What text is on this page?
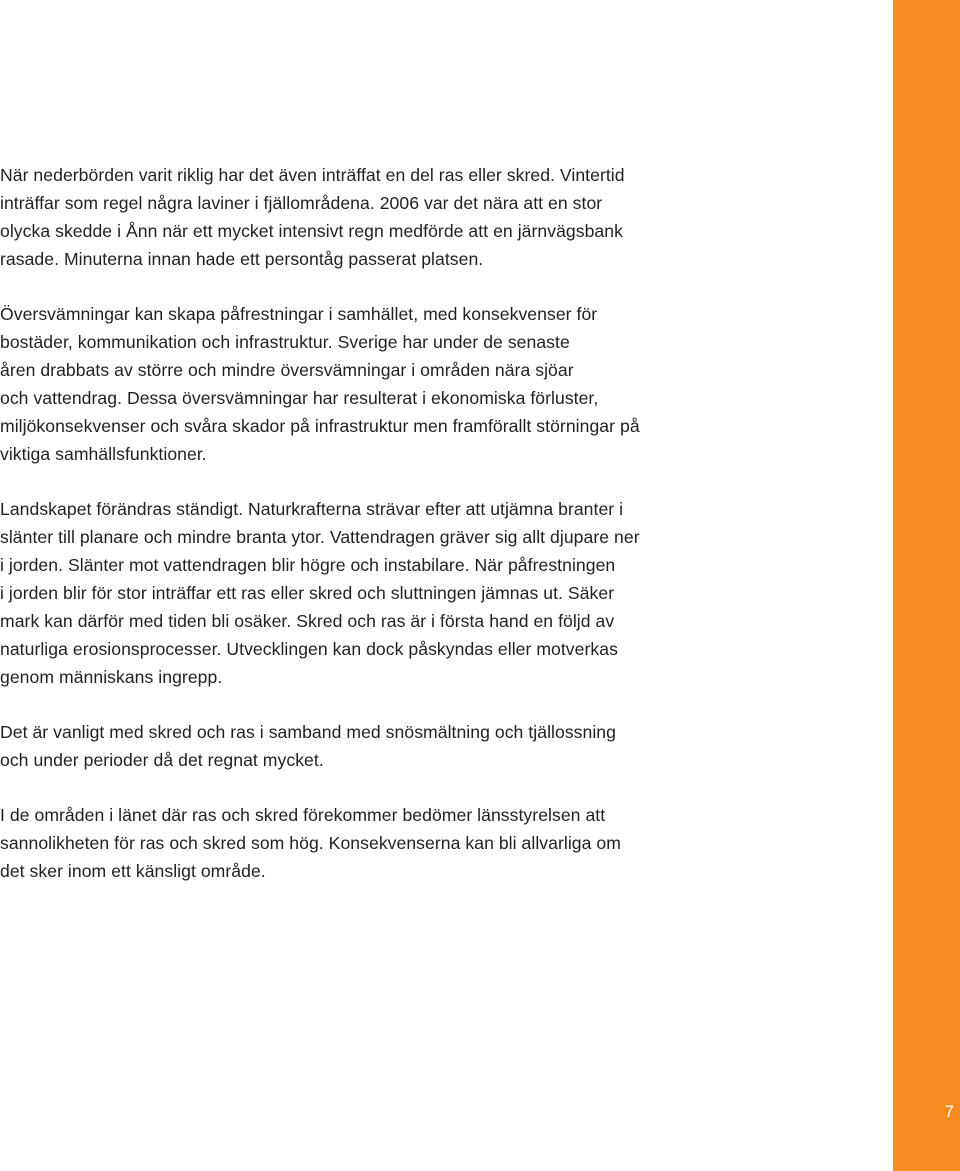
När nederbörden varit riklig har det även inträffat en del ras eller skred. Vintertid
inträffar som regel några laviner i fjällområdena. 2006 var det nära att en stor
olycka skedde i Ånn när ett mycket intensivt regn medförde att en järnvägsbank
rasade. Minuterna innan hade ett persontåg passerat platsen.

Översvämningar kan skapa påfrestningar i samhället, med konsekvenser för
bostäder, kommunikation och infrastruktur. Sverige har under de senaste
åren drabbats av större och mindre översvämningar i områden nära sjöar
och vattendrag. Dessa översvämningar har resulterat i ekonomiska förluster,
miljökonsekvenser och svåra skador på infrastruktur men framförallt störningar på
viktiga samhällsfunktioner.

Landskapet förändras ständigt. Naturkrafterna strävar efter att utjämna branter i
slänter till planare och mindre branta ytor. Vattendragen gräver sig allt djupare ner
i jorden. Slänter mot vattendragen blir högre och instabilare. När påfrestningen
i jorden blir för stor inträffar ett ras eller skred och sluttningen jämnas ut. Säker
mark kan därför med tiden bli osäker. Skred och ras är i första hand en följd av
naturliga erosionsprocesser. Utvecklingen kan dock påskyndas eller motverkas
genom människans ingrepp.

Det är vanligt med skred och ras i samband med snösmältning och tjällossning
och under perioder då det regnat mycket.

I de områden i länet där ras och skred förekommer bedömer länsstyrelsen att
sannolikheten för ras och skred som hög. Konsekvenserna kan bli allvarliga om
det sker inom ett känsligt område.

7
